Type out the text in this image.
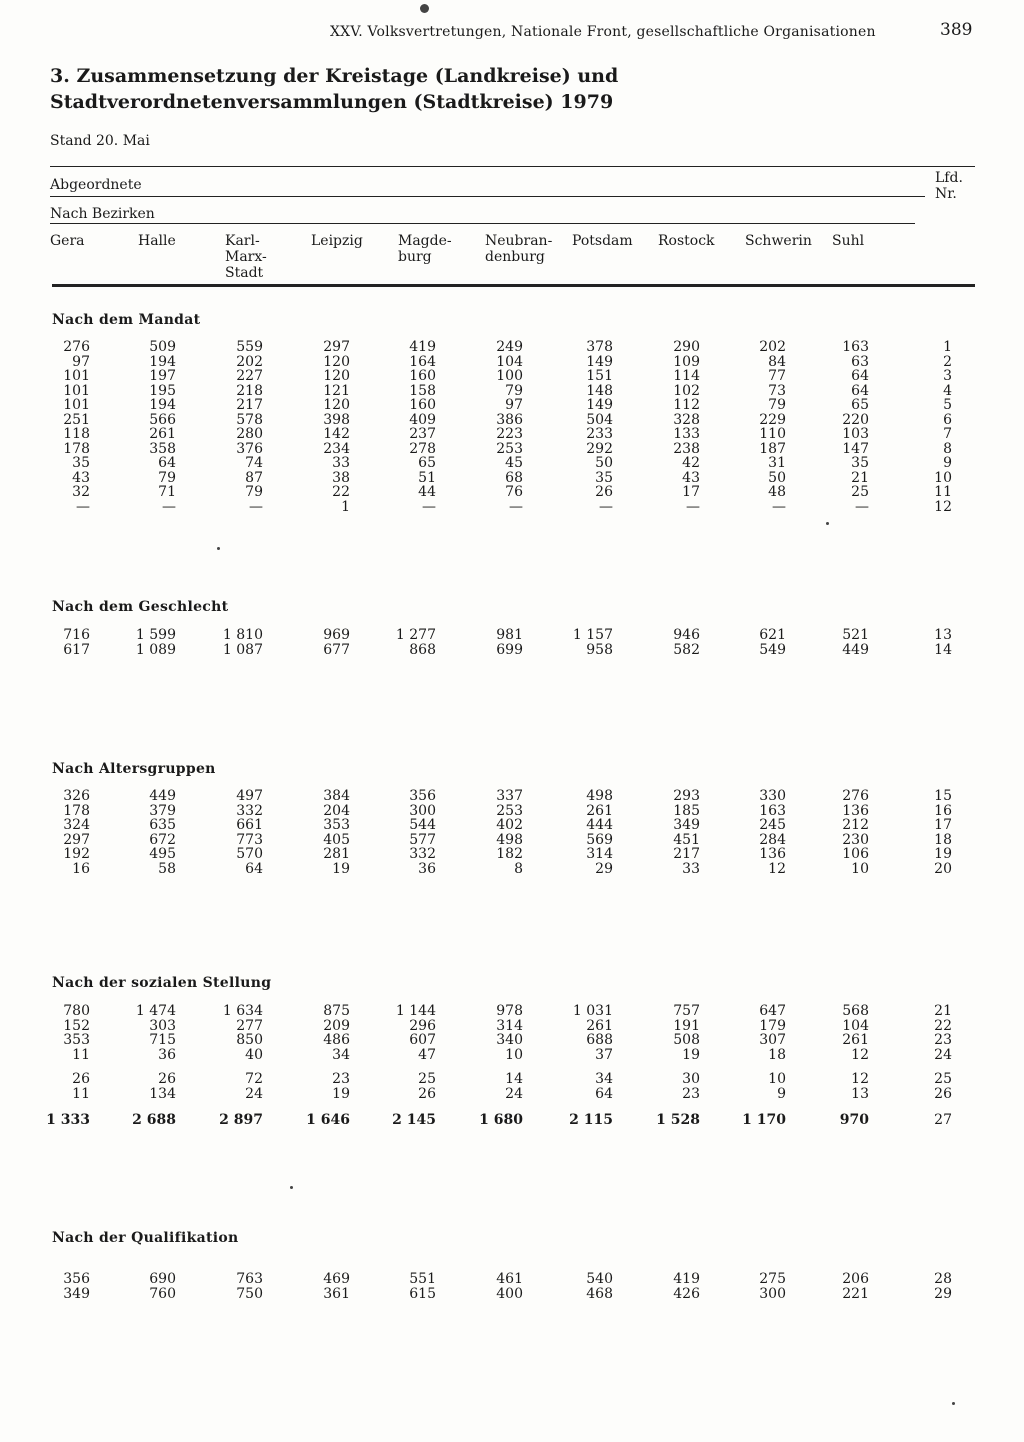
XXV. Volksvertretungen, Nationale Front, gesellschaftliche Organisationen	389
3. Zusammensetzung der Kreistage (Landkreise) und
Stadtverordnetenversammlungen (Stadtkreise) 1979
Stand 20. Mai
Abgeordnete
Nach Bezirken
Lfd.
Nr.
Gera	Halle	Karl-
Marx-
Stadt
Leipzig	Magde-
burg
Neubran-
denburg
Potsdam Rostock Schwerin Suhl
Nach dem Mandat
276	509	559	297	419	249	378	290	202	163	1
97	194	202	120	164	104	149	109	84	63	2
101	197	227	120	160	100	151	114	77	64	3
101	195	218	121	158	79	148	102	73	64	4
101	194	217	120	160	97	149	112	79	65	5
251	566	578	398	409	386	504	328	229	220	6
118	261	280	142	237	223	233	133	110	103	7
178	358	376	234	278	253	292	238	187	147	8
35	64	74	33	65	45	50	42	31	35	9
43	79	87	38	51	68	35	43	50	21	10
32	71	79	22	44	76	26	17	48	25	11
—	—	—	1	—	—	—	—	—	—	12
Nach dem Geschlecht
716	1 599	1 810	969	1 277	981	1 157	946	621	521	13
617	1 089	1 087	677	868	699	958	582	549	449	14
Nach Altersgruppen
326	449	497	384	356	337	498	293	330	276	15
178	379	332	204	300	253	261	185	163	136	16
324	635	661	353	544	402	444	349	245	212	17
297	672	773	405	577	498	569	451	284	230	18
192	495	570	281	332	182	314	217	136	106	19
16	58	64	19	36	8	29	33	12	10	20
Nach der sozialen Stellung
780	1 474	1 634	875	1 144	978	1 031	757	647	568	21
152	303	277	209	296	314	261	191	179	104	22
353	715	850	486	607	340	688	508	307	261	23
11	36	40	34	47	10	37	19	18	12	24
26	26	72	23	25	14	34	30	10	12	25
11	134	24	19	26	24	64	23	9	13	26
1 333	2 688	2 897	1 646	2 145	1 680	2 115	1 528	1 170	970	27
Nach der Qualifikation
356	690	763	469	551	461	540	419	275	206	28
349	760	750	361	615	400	468	426	300	221	29
